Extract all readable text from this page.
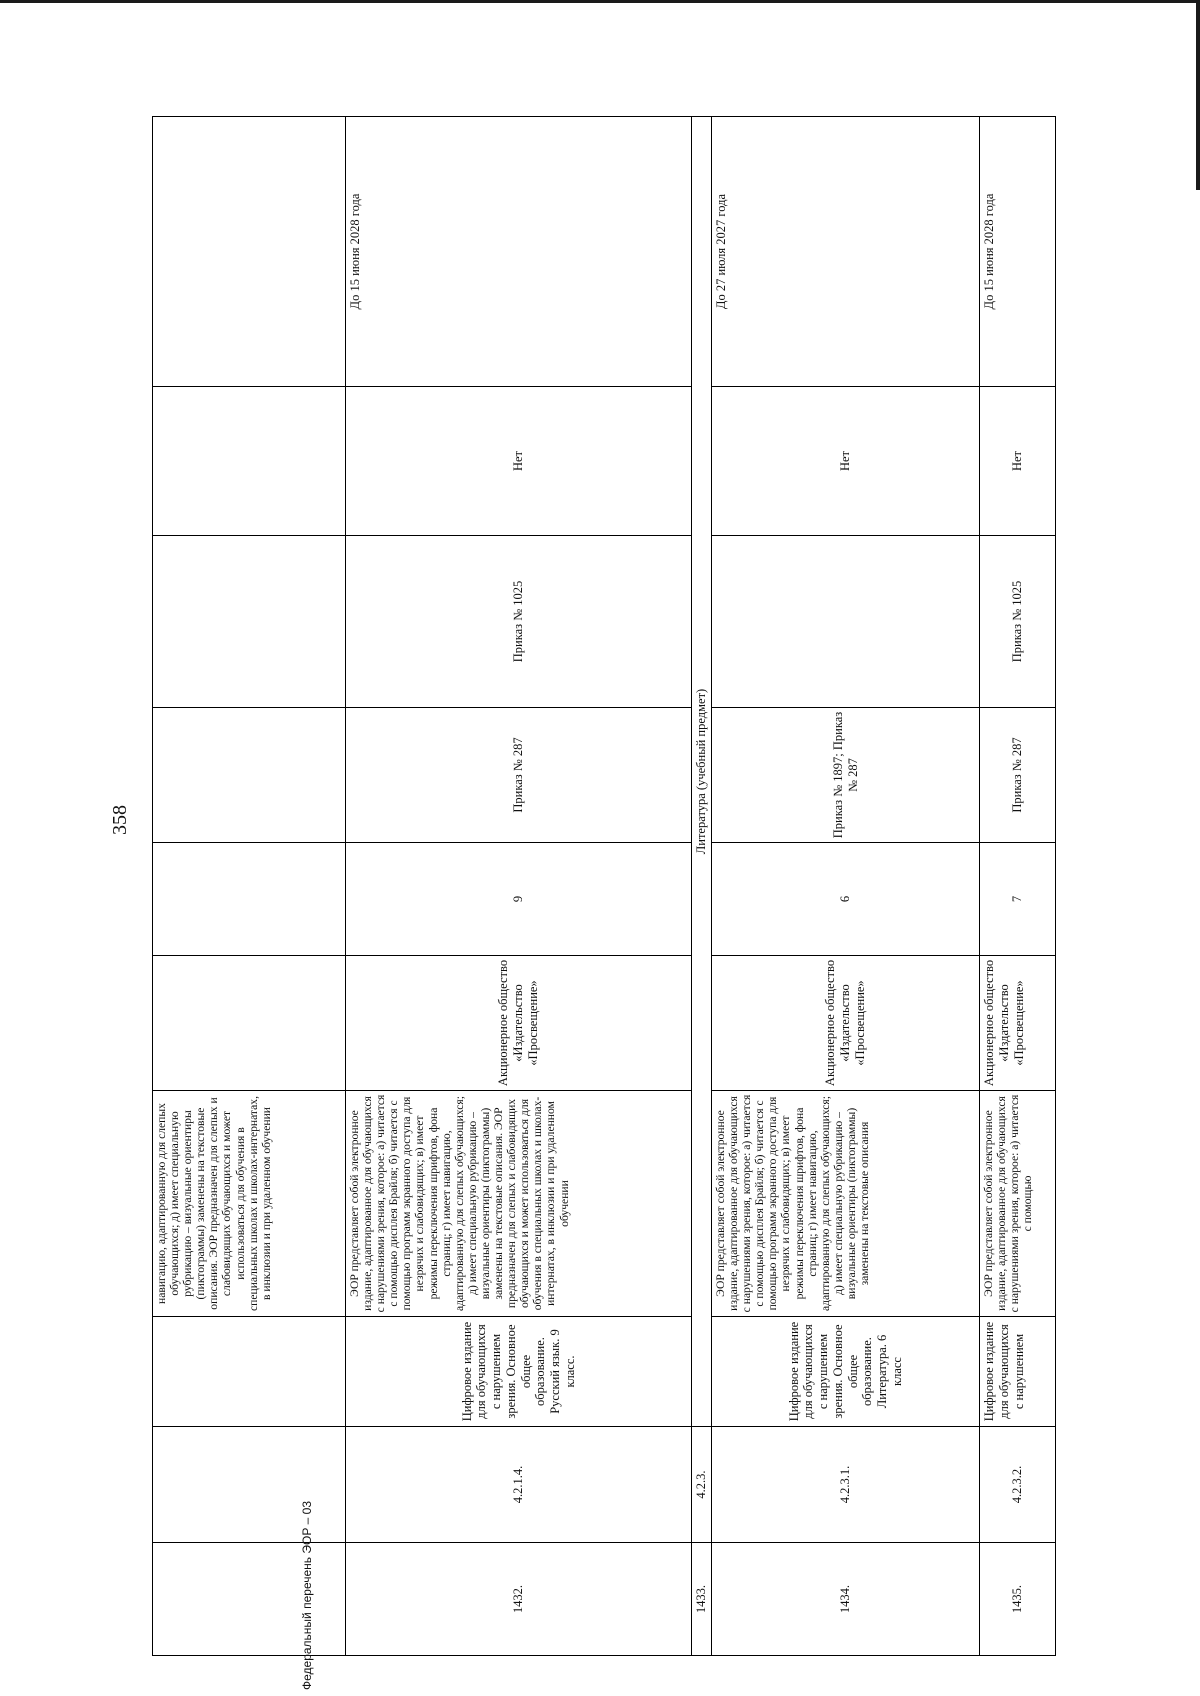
358
			навигацию, адаптированную для слепых обучающихся; д) имеет специальную рубрикацию – визуальные ориентиры (пиктограммы) заменены на текстовые описания. ЭОР предназначен для слепых и слабовидящих обучающихся и может использоваться для обучения в специальных школах и школах-интернатах, в инклюзии и при удаленном обучении						
1432.	4.2.1.4.	Цифровое издание для обучающихся с нарушением зрения. Основное общее образование. Русский язык. 9 класс.	ЭОР представляет собой электронное издание, адаптированное для обучающихся с нарушениями зрения, которое: а) читается с помощью дисплея Брайля; б) читается с помощью программ экранного доступа для незрячих и слабовидящих; в) имеет режимы переключения шрифтов, фона страниц; г) имеет навигацию, адаптированную для слепых обучающихся; д) имеет специальную рубрикацию – визуальные ориентиры (пиктограммы) заменены на текстовые описания. ЭОР предназначен для слепых и слабовидящих обучающихся и может использоваться для обучения в специальных школах и школах-интернатах, в инклюзии и при удаленном обучении	Акционерное общество «Издательство «Просвещение»	9	Приказ № 287	Приказ № 1025	Нет	До 15 июня 2028 года
1433.	4.2.3.	Литература (учебный предмет)							
1434.	4.2.3.1.	Цифровое издание для обучающихся с нарушением зрения. Основное общее образование. Литература. 6 класс	ЭОР представляет собой электронное издание, адаптированное для обучающихся с нарушениями зрения, которое: а) читается с помощью дисплея Брайля; б) читается с помощью программ экранного доступа для незрячих и слабовидящих; в) имеет режимы переключения шрифтов, фона страниц; г) имеет навигацию, адаптированную для слепых обучающихся; д) имеет специальную рубрикацию – визуальные ориентиры (пиктограммы) заменены на текстовые описания	Акционерное общество «Издательство «Просвещение»	6	Приказ № 1897; Приказ № 287		Нет	До 27 июля 2027 года
1435.	4.2.3.2.	Цифровое издание для обучающихся с нарушением	ЭОР представляет собой электронное издание, адаптированное для обучающихся с нарушениями зрения, которое: а) читается с помощью	Акционерное общество «Издательство «Просвещение»	7	Приказ № 287	Приказ № 1025	Нет	До 15 июня 2028 года
Федеральный перечень ЭОР – 03
